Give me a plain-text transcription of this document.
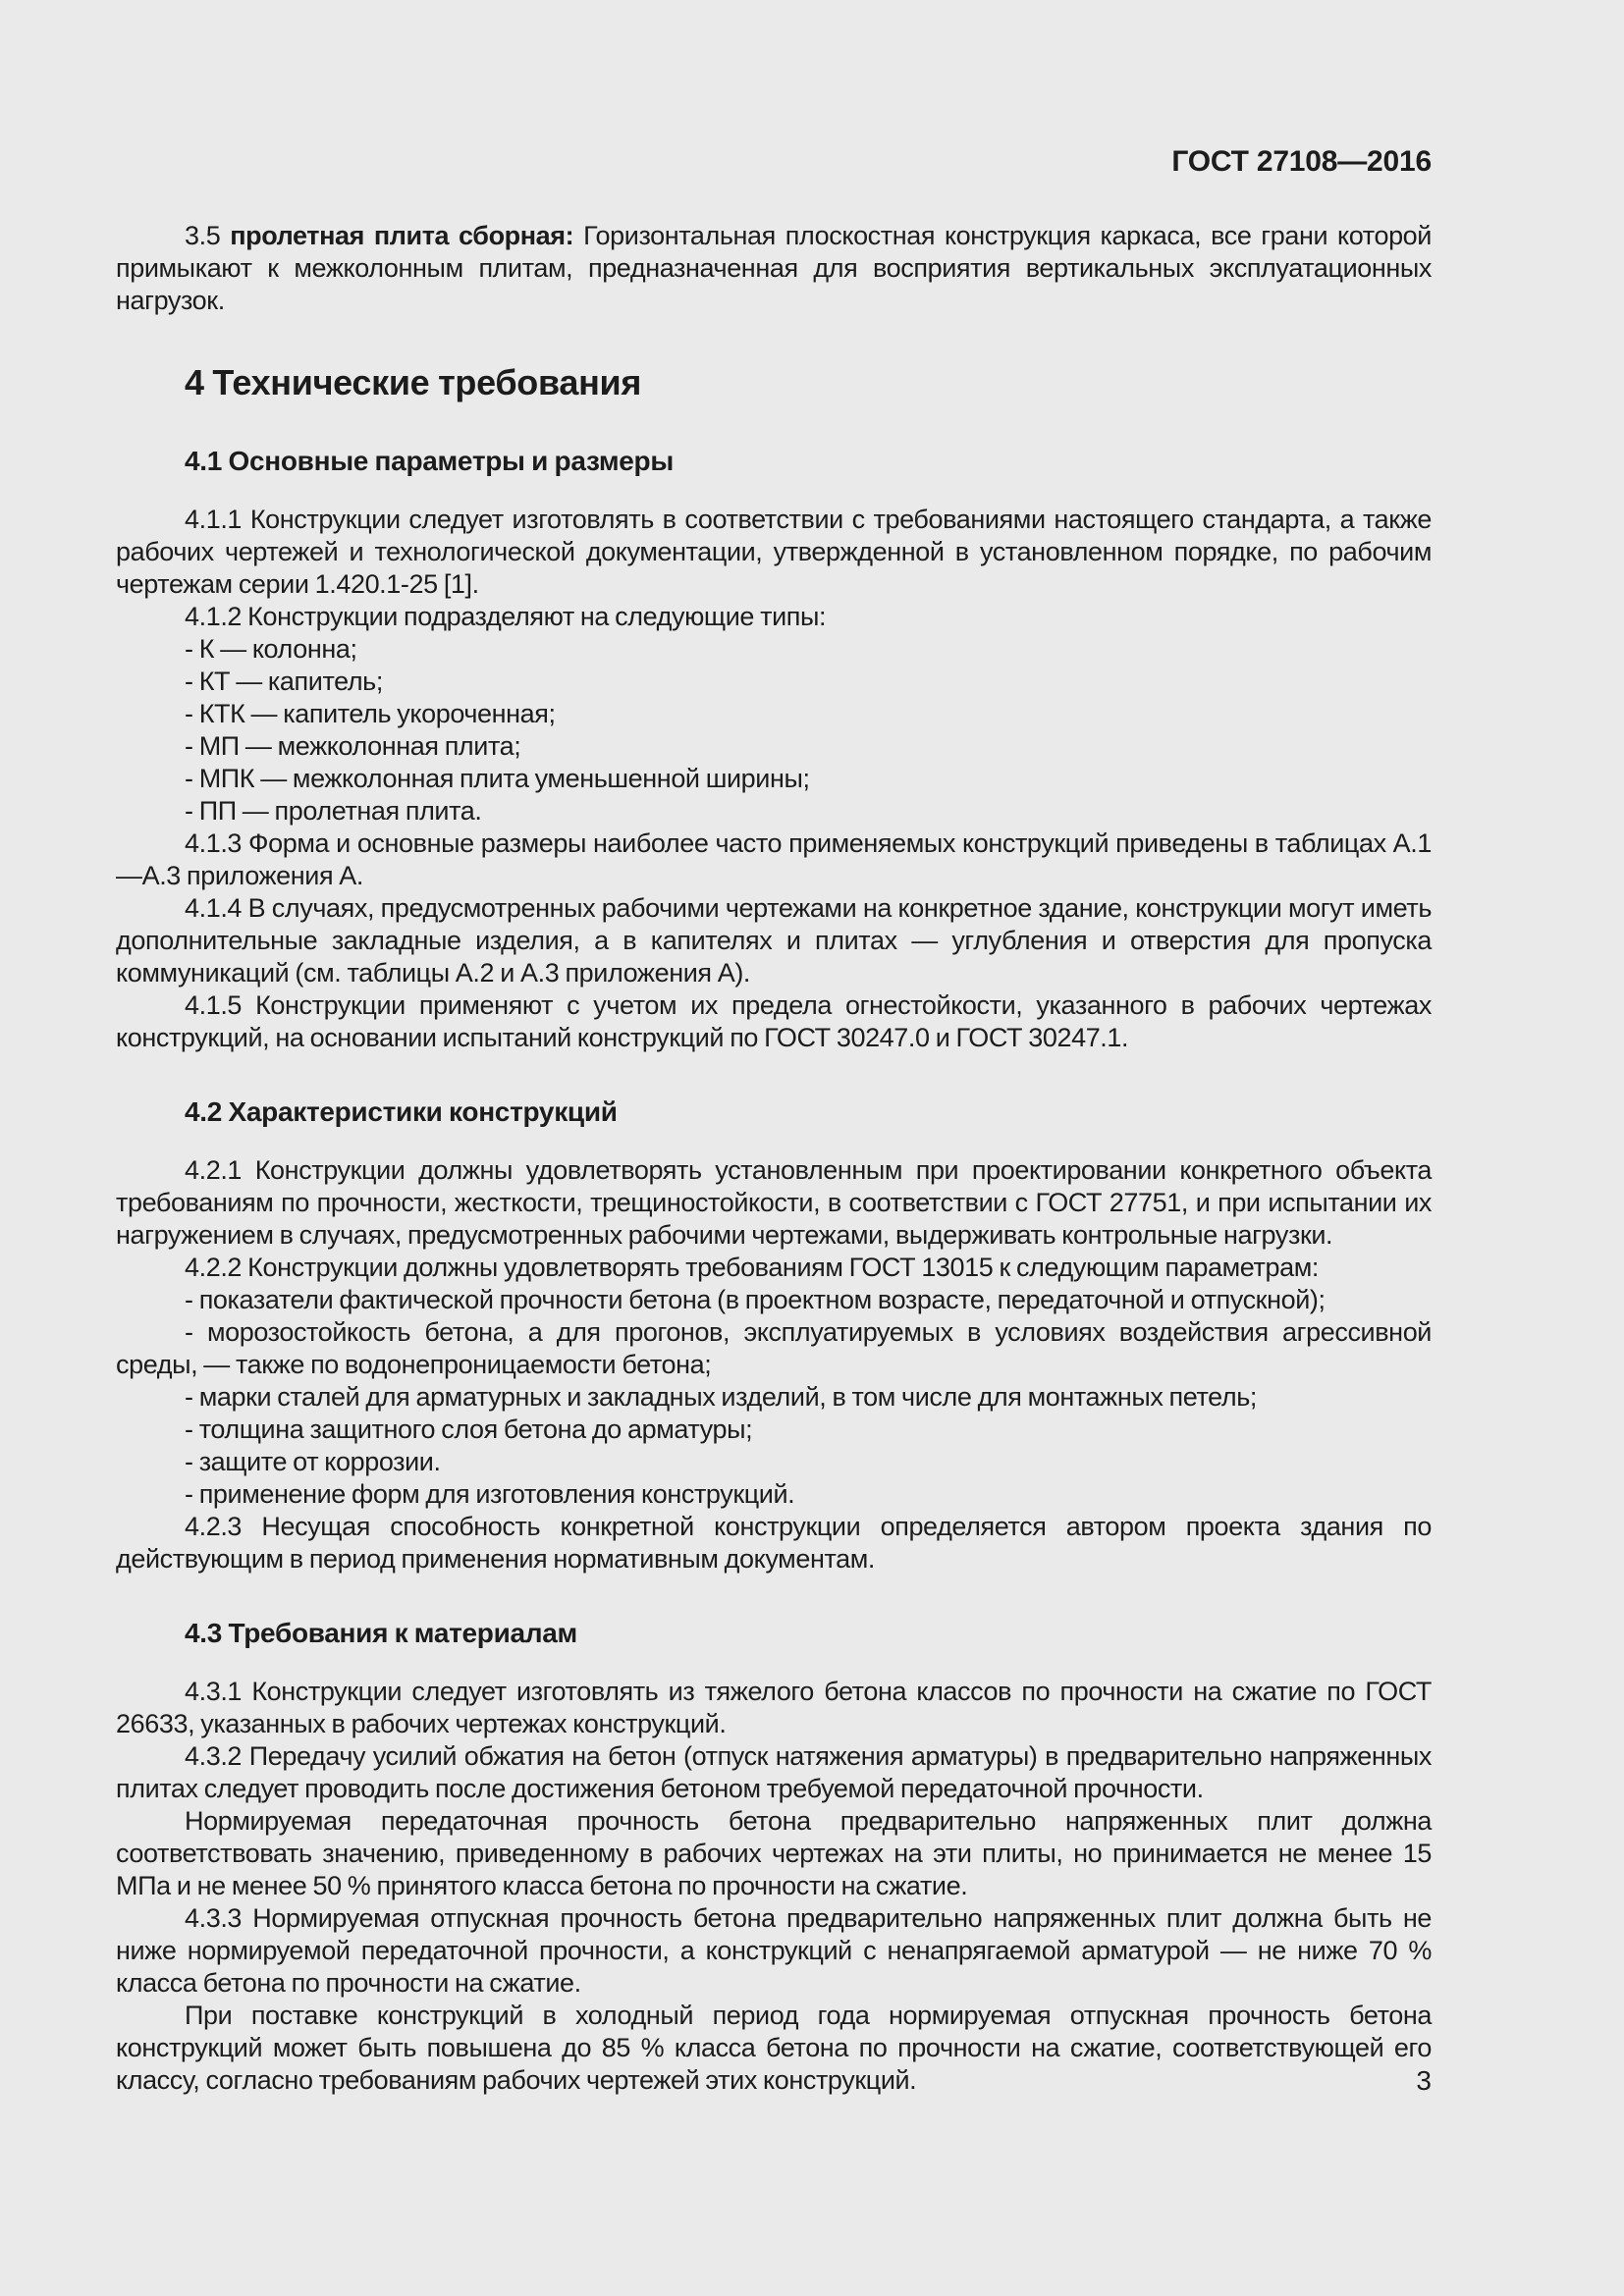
ГОСТ 27108—2016

3.5 пролетная плита сборная: Горизонтальная плоскостная конструкция каркаса, все грани которой примыкают к межколонным плитам, предназначенная для восприятия вертикальных эксплуатационных нагрузок.

4 Технические требования
4.1 Основные параметры и размеры

4.1.1 Конструкции следует изготовлять в соответствии с требованиями настоящего стандарта, а также рабочих чертежей и технологической документации, утвержденной в установленном порядке, по рабочим чертежам серии 1.420.1-25 [1].

4.1.2 Конструкции подразделяют на следующие типы:

- К — колонна;

- КТ — капитель;

- КТК — капитель укороченная;

- МП — межколонная плита;

- МПК — межколонная плита уменьшенной ширины;

- ПП — пролетная плита.

4.1.3 Форма и основные размеры наиболее часто применяемых конструкций приведены в таблицах А.1—А.3 приложения А.

4.1.4 В случаях, предусмотренных рабочими чертежами на конкретное здание, конструкции могут иметь дополнительные закладные изделия, а в капителях и плитах — углубления и отверстия для пропуска коммуникаций (см. таблицы А.2 и А.3 приложения А).

4.1.5 Конструкции применяют с учетом их предела огнестойкости, указанного в рабочих чертежах конструкций, на основании испытаний конструкций по ГОСТ 30247.0 и ГОСТ 30247.1.

4.2 Характеристики конструкций

4.2.1 Конструкции должны удовлетворять установленным при проектировании конкретного объекта требованиям по прочности, жесткости, трещиностойкости, в соответствии с ГОСТ 27751, и при испытании их нагружением в случаях, предусмотренных рабочими чертежами, выдерживать контрольные нагрузки.

4.2.2 Конструкции должны удовлетворять требованиям ГОСТ 13015 к следующим параметрам:

- показатели фактической прочности бетона (в проектном возрасте, передаточной и отпускной);

- морозостойкость бетона, а для прогонов, эксплуатируемых в условиях воздействия агрессивной среды, — также по водонепроницаемости бетона;

- марки сталей для арматурных и закладных изделий, в том числе для монтажных петель;

- толщина защитного слоя бетона до арматуры;

- защите от коррозии.

- применение форм для изготовления конструкций.

4.2.3 Несущая способность конкретной конструкции определяется автором проекта здания по действующим в период применения нормативным документам.

4.3 Требования к материалам

4.3.1 Конструкции следует изготовлять из тяжелого бетона классов по прочности на сжатие по ГОСТ 26633, указанных в рабочих чертежах конструкций.

4.3.2 Передачу усилий обжатия на бетон (отпуск натяжения арматуры) в предварительно напряженных плитах следует проводить после достижения бетоном требуемой передаточной прочности.

Нормируемая передаточная прочность бетона предварительно напряженных плит должна соответствовать значению, приведенному в рабочих чертежах на эти плиты, но принимается не менее 15 МПа и не менее 50 % принятого класса бетона по прочности на сжатие.

4.3.3 Нормируемая отпускная прочность бетона предварительно напряженных плит должна быть не ниже нормируемой передаточной прочности, а конструкций с ненапрягаемой арматурой — не ниже 70 % класса бетона по прочности на сжатие.

При поставке конструкций в холодный период года нормируемая отпускная прочность бетона конструкций может быть повышена до 85 % класса бетона по прочности на сжатие, соответствующей его классу, согласно требованиям рабочих чертежей этих конструкций.	3
